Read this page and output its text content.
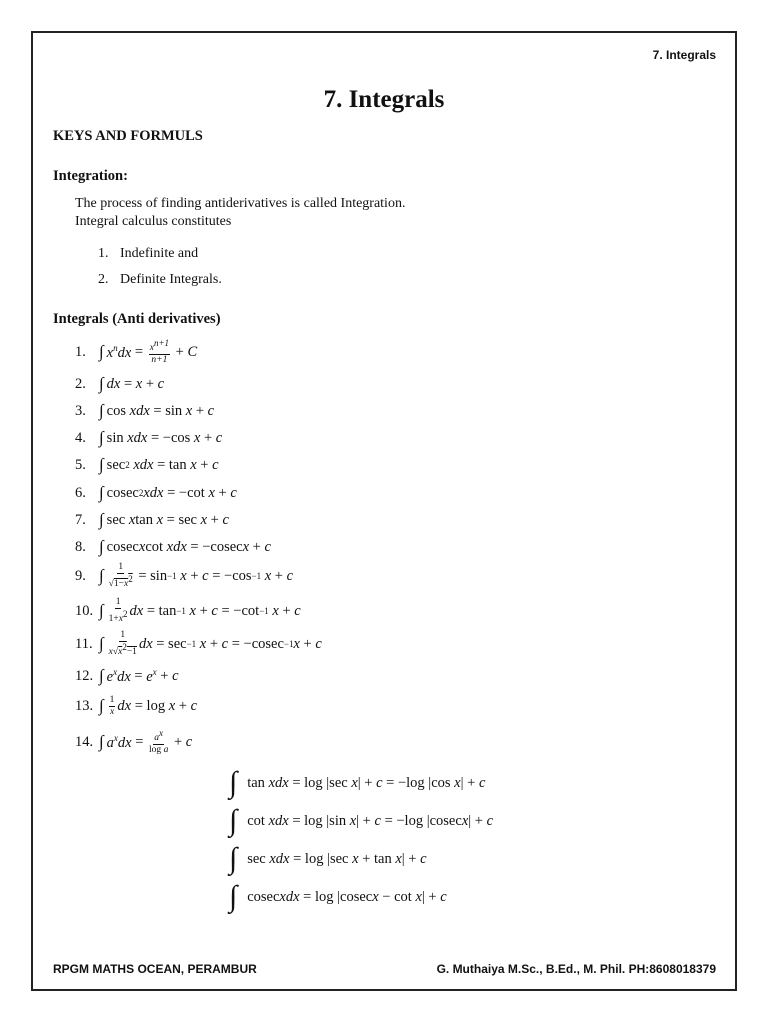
7. Integrals
7. Integrals
KEYS AND FORMULS
Integration:
The process of finding antiderivatives is called Integration.
Integral calculus constitutes
1. Indefinite and
2. Definite Integrals.
Integrals (Anti derivatives)
1. ∫ $x^ndx = \frac{x^{n+1}}{n+1} + C$
2. ∫ dx = x + c
3. ∫ cos xdx = sin x + c
4. ∫ sin xdx = −cos x + c
5. ∫ sec 2
xdx = tan x + c
6. ∫ cosec 2 xdx = −cot x + c
7. ∫ sec x tan x = sec x + c
8. ∫ cosec x cot xdx = −cosec x + c
9. ∫ $\frac{1}{√1-x^2} = \sin -1$
x + c = −cos −1
x + c
10. ∫ $\frac{1}{1+x^2}$ dx = tan −1
x + c = −cot −1
x + c
11. ∫ $\frac{1}{x√x^2-1}$ dx = sec −1
x + c = −cosec −1 x + c
12. ∫ $e^xdx = e^x + c$
13. ∫ $\frac{1}{x}$ dx = log x + c
14. ∫ $a^xdx = \frac{a^x}{\text{log a}} + c$
∫ tan xdx = log |sec x | + c = −log |cos x | + c
∫ cot xdx = log |sin x | + c = −log |cosec x | + c
∫ sec xdx = log |sec x + tan x | + c
∫ cosec xdx = log |cosec x − cot x | + c
RPGM MATHS OCEAN, PERAMBUR	G. Muthaiya M.Sc., B.Ed., M. Phil. PH:8608018379
